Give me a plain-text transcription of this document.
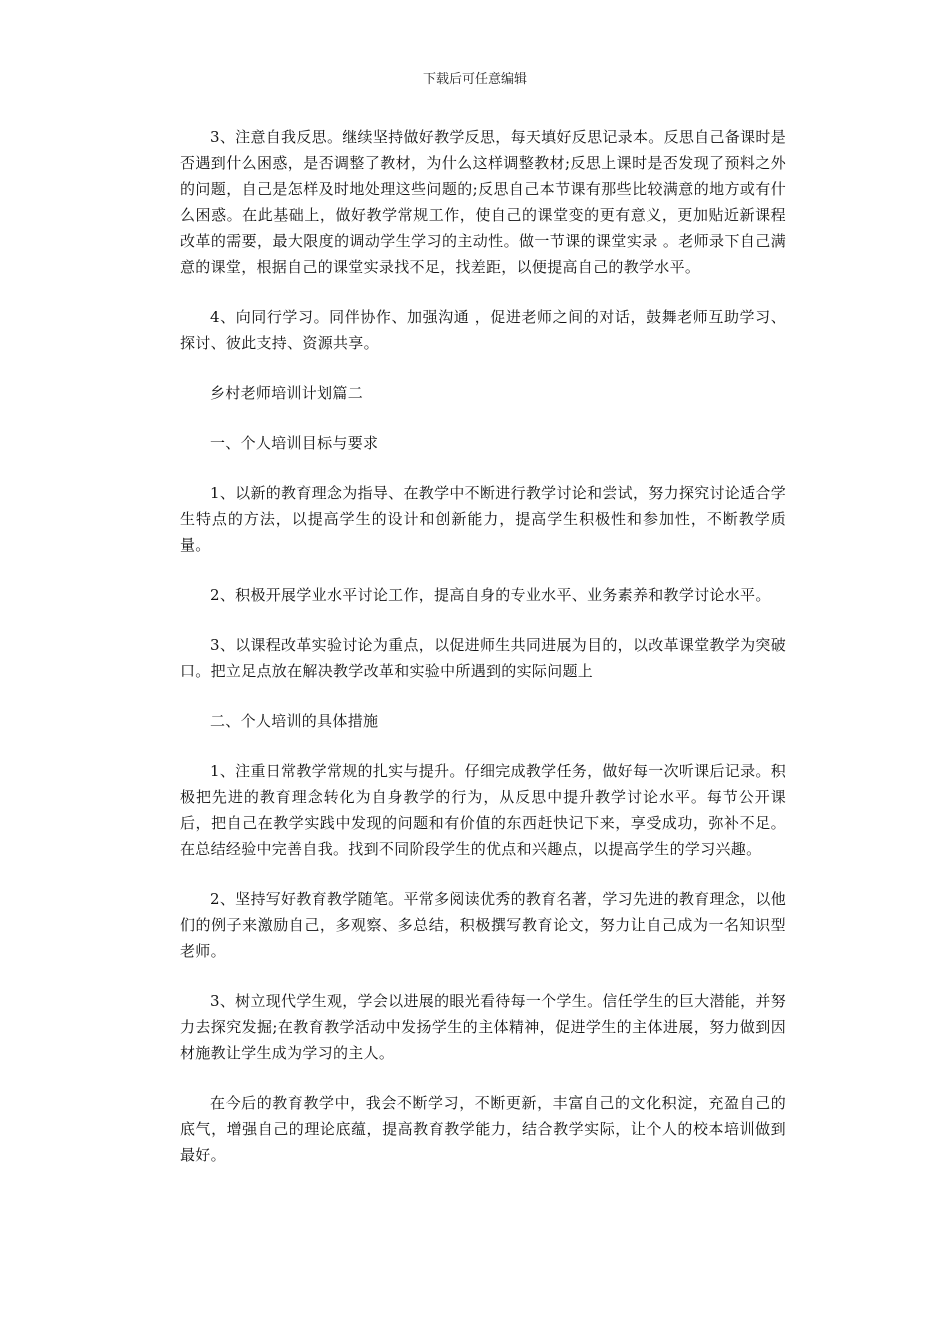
下载后可任意编辑

3、注意自我反思。继续坚持做好教学反思，每天填好反思记录本。反思自己备课时是否遇到什么困惑，是否调整了教材，为什么这样调整教材;反思上课时是否发现了预料之外的问题，自己是怎样及时地处理这些问题的;反思自己本节课有那些比较满意的地方或有什么困惑。在此基础上，做好教学常规工作，使自己的课堂变的更有意义，更加贴近新课程改革的需要，最大限度的调动学生学习的主动性。做一节课的课堂实录 。老师录下自己满意的课堂，根据自己的课堂实录找不足，找差距，以便提高自己的教学水平。

4、向同行学习。同伴协作、加强沟通 ，促进老师之间的对话，鼓舞老师互助学习、探讨、彼此支持、资源共享。

乡村老师培训计划篇二

一、个人培训目标与要求

1、以新的教育理念为指导、在教学中不断进行教学讨论和尝试，努力探究讨论适合学生特点的方法，以提高学生的设计和创新能力，提高学生积极性和参加性，不断教学质量。

2、积极开展学业水平讨论工作，提高自身的专业水平、业务素养和教学讨论水平。

3、以课程改革实验讨论为重点，以促进师生共同进展为目的，以改革课堂教学为突破口。把立足点放在解决教学改革和实验中所遇到的实际问题上

二、个人培训的具体措施

1、注重日常教学常规的扎实与提升。仔细完成教学任务，做好每一次听课后记录。积极把先进的教育理念转化为自身教学的行为，从反思中提升教学讨论水平。每节公开课后，把自己在教学实践中发现的问题和有价值的东西赶快记下来，享受成功，弥补不足。在总结经验中完善自我。找到不同阶段学生的优点和兴趣点，以提高学生的学习兴趣。

2、坚持写好教育教学随笔。平常多阅读优秀的教育名著，学习先进的教育理念，以他们的例子来激励自己，多观察、多总结，积极撰写教育论文，努力让自己成为一名知识型老师。

3、树立现代学生观，学会以进展的眼光看待每一个学生。信任学生的巨大潜能，并努力去探究发掘;在教育教学活动中发扬学生的主体精神，促进学生的主体进展，努力做到因材施教让学生成为学习的主人。

在今后的教育教学中，我会不断学习，不断更新，丰富自己的文化积淀，充盈自己的底气，增强自己的理论底蕴，提高教育教学能力，结合教学实际，让个人的校本培训做到最好。
